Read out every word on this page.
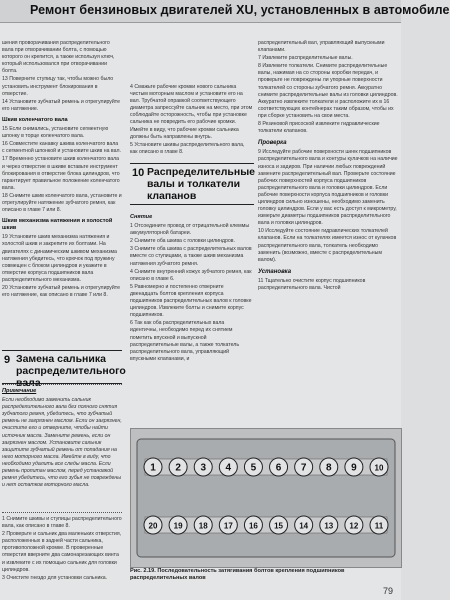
Ремонт бензиновых двигателей XU, установленных в автомобиле

шения проворачивания распределительного вала при отворачивании болта, с помощью которого он крепится, а также используя ключ, который использовался при отворачивании болта.

13 Поверните ступицу так, чтобы можно было установить инструмент блокирования в отверстие.

14 Установите зубчатый ремень и отрегулируйте его натяжение.

Шкив коленчатого вала

15 Если снимались, установите сегментную шпонку в торце коленчатого вала.

16 Совместите канавку шкива коленчатого вала с сегментной шпонкой и установите шкив на вал.

17 Временно установите шкив коленчатого вала и через отверстие в шкиве вставьте инструмент блокирования в отверстие блока цилиндров, что гарантирует правильное положение коленчатого вала.

18 Снимите шкив коленчатого вала, установите и отрегулируйте натяжение зубчатого ремня, как описано в главе 7 или 8.

Шкив механизма натяжения и холостой шкив

19 Установите шкив механизма натяжения и холостой шкив и закрепите их болтами. На двигателях с динамическим шкивом механизма натяжения убедитесь, что крючок под пружину совмещен с блоком цилиндров и укажите в отверстие корпуса подшипников вала распределительного механизма.

20 Установите зубчатый ремень и отрегулируйте его натяжение, как описано в главе 7 или 8.

9 Замена сальника распределительного вала
Примечание
Если необходимо заменить сальник распределительного вала без полного снятия зубчатого ремня, убедитесь, что зубчатый ремень не загрязнен маслом. Если он загрязнен, очистите его и отверните, чтобы найти источник масла. Замените ремень, если он загрязнен маслом. Установите сальник защитите зубчатый ремень от попадания на него моторного масла. Имейте в виду, что необходимо удалить все следы масла. Если ремень пропитан маслом, перед установкой ремня убедитесь, что его зубья не повреждены и нет остатков моторного масла.

1 Снимите шкивы и ступицы распределительного вала, как описано в главе 8.

2 Проверьте и сальник два маленьких отверстия, расположенных в задней части сальника, противоположной кромке. В проверенные отверстия вверните два самонарезающих винта и извлеките с их помощью сальник для головки цилиндров.

3 Очистите гнездо для установки сальника.

4 Смажьте рабочие кромки нового сальника чистым моторным маслом и установите его на вал. Трубчатой оправкой соответствующего диаметра запрессуйте сальник на место, при этом соблюдайте осторожность, чтобы при установке сальника не повредить его рабочие кромки. Имейте в виду, что рабочие кромки сальника должны быть направлены внутрь.

5 Установите шкивы распределительного вала, как описано в главе 8.

10 Распределительные валы и толкатели клапанов
Снятие

1 Отсоедините провод от отрицательной клеммы аккумуляторной батареи.

2 Снимите оба шкива с головки цилиндров.

3 Снимите оба шкива с распределительных валов вместе со ступицами, а также шкив механизма натяжения зубчатого ремня.

4 Снимите внутренний кожух зубчатого ремня, как описано в главе 6.

5 Равномерно и постепенно отверните двенадцать болтов крепления корпуса подшипников распределительных валов к головке цилиндров. Извлеките болты и снимите корпус подшипников.

6 Так как оба распределительных вала идентичны, необходимо перед их снятием пометить впускной и выпускной распределительные валы, а также толкатель распределительного вала, управляющий впускными клапанами, и

распределительный вал, управляющий выпускными клапанами.

7 Извлеките распределительные валы.

8 Извлеките толкатели. Снимите распределительные валы, нажимая на со стороны коробки передач, и проверьте не повреждены ли упорные поверхности толкателей со стороны зубчатого ремня. Аккуратно снимите распределительные валы из головки цилиндров. Аккуратно извлеките толкатели и расположите их в 16 соответствующих контейнерах таким образом, чтобы их при сборке установить на свои места.

8 Резиновой присоской извлеките гидравлические толкатели клапанов.

Проверка

9 Исследуйте рабочие поверхности шеек подшипников распределительного вала и контуры кулачков на наличие износа и задиров. При наличии любых повреждений замените распределительный вал. Проверьте состояние рабочих поверхностей корпуса подшипников распределительного вала и головки цилиндров. Если рабочие поверхности корпуса подшипников и головки цилиндров сильно изношены, необходимо заменить головку цилиндров. Если у вас есть доступ к микрометру, измерьте диаметры подшипников распределительного вала и головки цилиндров.

10 Исследуйте состояние гидравлических толкателей клапанов. Если на толкателях имеется износ от кулачков распределительного вала, толкатель необходимо заменить (возможно, вместе с распределительным валом).

Установка

11 Тщательно очистите корпус подшипников распределительного вала. Чистой

1 2 3 4 5 6 7 8 9 10
20 19 18 17 16 15 14 13 12 11
Рис. 2.19. Последовательность затягивания болтов крепления подшипников распределительных валов
79
